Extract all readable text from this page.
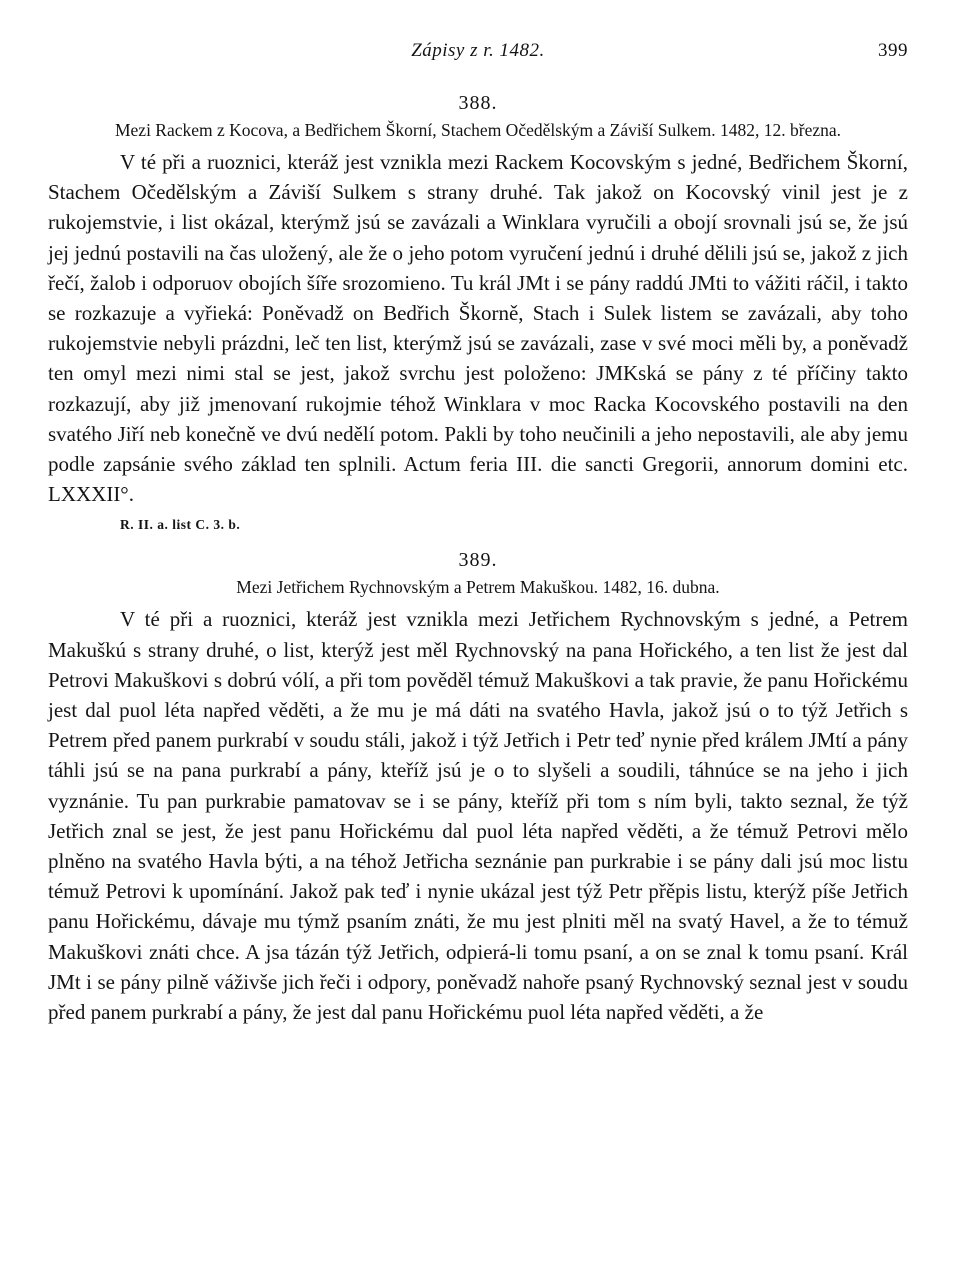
Zápisy z r. 1482.	399
388.
Mezi Rackem z Kocova, a Bedřichem Škorní, Stachem Očedělským a Záviší Sulkem. 1482, 12. března.

V té při a ruoznici, kteráž jest vznikla mezi Rackem Kocovským s jedné, Bedřichem Škorní, Stachem Očedělským a Záviší Sulkem s strany druhé. Tak jakož on Kocovský vinil jest je z rukojemstvie, i list okázal, kterýmž jsú se zavázali a Winklara vyručili a obojí srovnali jsú se, že jsú jej jednú postavili na čas uložený, ale že o jeho potom vyručení jednú i druhé dělili jsú se, jakož z jich řečí, žalob i odporuov obojích šíře srozomieno. Tu král JMt i se pány raddú JMti to vážiti ráčil, i takto se rozkazuje a vyřieká: Poněvadž on Bedřich Škorně, Stach i Sulek listem se zavázali, aby toho rukojemstvie nebyli prázdni, leč ten list, kterýmž jsú se zavázali, zase v své moci měli by, a poněvadž ten omyl mezi nimi stal se jest, jakož svrchu jest položeno: JMKská se pány z té příčiny takto rozkazují, aby již jmenovaní rukojmie téhož Winklara v moc Racka Kocovského postavili na den svatého Jiří neb konečně ve dvú nedělí potom. Pakli by toho neučinili a jeho nepostavili, ale aby jemu podle zapsánie svého základ ten splnili. Actum feria III. die sancti Gregorii, annorum domini etc. LXXXII°.

R. II. a. list C. 3. b.
389.
Mezi Jetřichem Rychnovským a Petrem Makuškou. 1482, 16. dubna.

V té při a ruoznici, kteráž jest vznikla mezi Jetřichem Rychnovským s jedné, a Petrem Makuškú s strany druhé, o list, kterýž jest měl Rychnovský na pana Hořického, a ten list že jest dal Petrovi Makuškovi s dobrú vólí, a při tom pověděl témuž Makuškovi a tak pravie, že panu Hořickému jest dal puol léta napřed věděti, a že mu je má dáti na svatého Havla, jakož jsú o to týž Jetřich s Petrem před panem purkrabí v soudu stáli, jakož i týž Jetřich i Petr teď nynie před králem JMtí a pány táhli jsú se na pana purkrabí a pány, kteříž jsú je o to slyšeli a soudili, táhnúce se na jeho i jich vyznánie. Tu pan purkrabie pamatovav se i se pány, kteříž při tom s ním byli, takto seznal, že týž Jetřich znal se jest, že jest panu Hořickému dal puol léta napřed věděti, a že témuž Petrovi mělo plněno na svatého Havla býti, a na téhož Jetřicha seznánie pan purkrabie i se pány dali jsú moc listu témuž Petrovi k upomínání. Jakož pak teď i nynie ukázal jest týž Petr přěpis listu, kterýž píše Jetřich panu Hořickému, dávaje mu týmž psaním znáti, že mu jest plniti měl na svatý Havel, a že to témuž Makuškovi znáti chce. A jsa tázán týž Jetřich, odpierá-li tomu psaní, a on se znal k tomu psaní. Král JMt i se pány pilně váživše jich řeči i odpory, poněvadž nahoře psaný Rychnovský seznal jest v soudu před panem purkrabí a pány, že jest dal panu Hořickému puol léta napřed věděti, a že
